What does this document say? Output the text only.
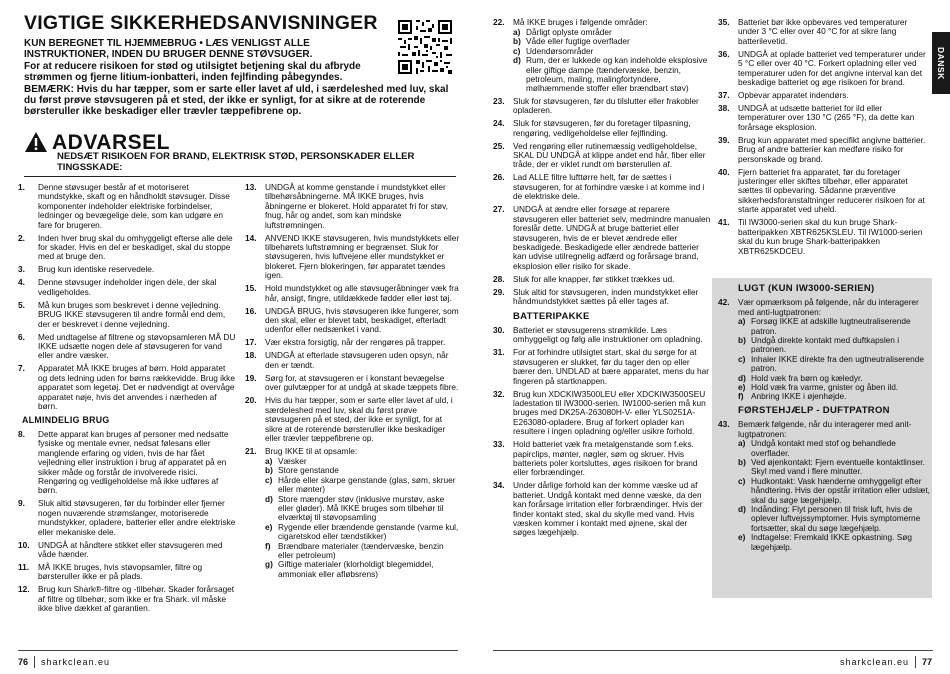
VIGTIGE SIKKERHEDSANVISNINGER

KUN BEREGNET TIL HJEMMEBRUG • LÆS VENLIGST ALLE INSTRUKTIONER, INDEN DU BRUGER DENNE STØVSUGER.

For at reducere risikoen for stød og utilsigtet betjening skal du afbryde strømmen og fjerne litium-ionbatteri, inden fejlfinding påbegyndes.

BEMÆRK: Hvis du har tæpper, som er sarte eller lavet af uld, i særdeleshed med luv, skal du først prøve støvsugeren på et sted, der ikke er synligt, for at sikre at de roterende børsteruller ikke beskadiger eller trævler tæppefibrene op.

ADVARSEL
NEDSÆT RISIKOEN FOR BRAND, ELEKTRISK STØD, PERSONSKADER ELLER TINGSSKADE:
1.	Denne støvsuger består af et motoriseret mundstykke, skaft og en håndholdt støvsuger. Disse komponenter indeholder elektriske forbindelser, ledninger og bevægelige dele, som kan udgøre en fare for brugeren.
2.	Inden hver brug skal du omhyggeligt efterse alle dele for skader. Hvis en del er beskadiget, skal du stoppe med at bruge den.
3.	Brug kun identiske reservedele.
4.	Denne støvsuger indeholder ingen dele, der skal vedligeholdes.
5.	Må kun bruges som beskrevet i denne vejledning. BRUG IKKE støvsugeren til andre formål end dem, der er beskrevet i denne vejledning.
6.	Med undtagelse af filtrene og støvopsamleren MÅ DU IKKE udsætte nogen dele af støvsugeren for vand eller andre væsker.
7.	Apparatet MÅ IKKE bruges af børn. Hold apparatet og dets ledning uden for børns rækkevidde. Brug ikke apparatet som legetøj. Det er nødvendigt at overvåge apparatet nøje, hvis det anvendes i nærheden af børn.
ALMINDELIG BRUG
8.	Dette apparat kan bruges af personer med nedsatte fysiske og mentale evner, nedsat følesans eller manglende erfaring og viden, hvis de har fået vejledning eller instruktion i brug af apparatet på en sikker måde og forstår de involverede risici. Rengøring og vedligeholdelse må ikke udføres af børn.
9.	Sluk altid støvsugeren, før du forbinder eller fjerner nogen nuværende strømslanger, motoriserede mundstykker, opladere, batterier eller andre elektriske eller mekaniske dele.
10.	UNDGÅ at håndtere stikket eller støvsugeren med våde hænder.
11.	MÅ IKKE bruges, hvis støvopsamler, filtre og børsteruller ikke er på plads.
12.	Brug kun Shark®-filtre og -tilbehør. Skader forårsaget af filtre og tilbehør, som ikke er fra Shark. vil måske ikke blive dækket af garantien.
13.	UNDGÅ at komme genstande i mundstykket eller tilbehørsåbningerne. MÅ IKKE bruges, hvis åbningerne er blokeret. Hold apparatet fri for støv, fnug, hår og andet, som kan mindske luftstrømningen.
14.	ANVEND IKKE støvsugeren, hvis mundstykkets eller tilbehørets luftstrømning er begrænset. Sluk for støvsugeren, hvis luftvejene eller mundstykket er blokeret. Fjern blokeringen, før apparatet tændes igen.
15.	Hold mundstykket og alle støvsugeråbninger væk fra hår, ansigt, fingre, utildækkede fødder eller løst tøj.
16.	UNDGÅ BRUG, hvis støvsugeren ikke fungerer, som den skal, eller er blevet tabt, beskadiget, efterladt udenfor eller nedsænket i vand.
17.	Vær ekstra forsigtig, når der rengøres på trapper.
18.	UNDGÅ at efterlade støvsugeren uden opsyn, når den er tændt.
19.	Sørg for, at støvsugeren er i konstant bevægelse over gulvtæpper for at undgå at skade tæppets fibre.
20.	Hvis du har tæpper, som er sarte eller lavet af uld, i særdeleshed med luv, skal du først prøve støvsugeren på et sted, der ikke er synligt, for at sikre at de roterende børsteruller ikke beskadiger eller trævler tæppefibrene op.
21.	Brug IKKE til at opsamle:
a) Væsker
b) Store genstande
c) Hårde eller skarpe genstande (glas, søm, skruer eller mønter)
d) Store mængder støv (inklusive murstøv, aske eller gløder). Må IKKE bruges som tilbehør til elværktøj til støvopsamling
e) Rygende eller brændende genstande (varme kul, cigaretskod eller tændstikker)
f) Brændbare materialer (tændervæske, benzin eller petroleum)
g) Giftige materialer (klorholdigt blegemiddel, ammoniak eller afløbsrens)
76 sharkclean.eu
DANSK
22.	Må IKKE bruges i følgende områder:
a) Dårligt oplyste områder
b) Våde eller fugtige overflader
c) Udendørsområder
d) Rum, der er lukkede og kan indeholde eksplosive eller giftige dampe (tændervæske, benzin, petroleum, maling, malingfortyndere, mølhæmmende stoffer eller brændbart støv)
23.	Sluk for støvsugeren, før du tilslutter eller frakobler opladeren.
24.	Sluk for støvsugeren, før du foretager tilpasning, rengøring, vedligeholdelse eller fejlfinding.
25.	Ved rengøring eller rutinemæssig vedligeholdelse, SKAL DU UNDGÅ at klippe andet end hår, fiber eller tråde, der er viklet rundt om børsterullen af.
26.	Lad ALLE filtre lufttørre helt, før de sættes i støvsugeren, for at forhindre væske i at komme ind i de elektriske dele.
27.	UNDGÅ at ændre eller forsøge at reparere støvsugeren eller batteriet selv, medmindre manualen foreslår dette. UNDGÅ at bruge batteriet eller støvsugeren, hvis de er blevet ændrede eller beskadigede. Beskadigede eller ændrede batterier kan udvise utilregnelig adfærd og forårsage brand, eksplosion eller risiko for skade.
28.	Sluk for alle knapper, før stikket trækkes ud.
29.	Sluk altid for støvsugeren, inden mundstykket eller håndmundstykket sættes på eller tages af.
BATTERIPAKKE
30.	Batteriet er støvsugerens strømkilde. Læs omhyggeligt og følg alle instruktioner om opladning.
31.	For at forhindre utilsigtet start, skal du sørge for at støvsugeren er slukket, før du tager den op eller bærer den. UNDLAD at bære apparatet, mens du har fingeren på startknappen.
32.	Brug kun XDCKIW3500LEU eller XDCKIW3500SEU ladestation til IW3000-serien. IW1000-serien må kun bruges med DK25A-263080H-V- eller YLS0251A-E263080-opladere. Brug af forkert oplader kan resultere i ingen opladning og/eller usikre forhold.
33.	Hold batteriet væk fra metalgenstande som f.eks. papirclips, mønter, nøgler, søm og skruer. Hvis batteriets poler kortsluttes, øges risikoen for brand eller forbrændinger.
34.	Under dårlige forhold kan der komme væske ud af batteriet. Undgå kontakt med denne væske, da den kan forårsage irritation eller forbrændinger. Hvis der finder kontakt sted, skal du skylle med vand. Hvis væsken kommer i kontakt med øjnene, skal der søges lægehjælp.
35.	Batteriet bør ikke opbevares ved temperaturer under 3 °C eller over 40 °C for at sikre lang batterilevetid.
36.	UNDGÅ at oplade batteriet ved temperaturer under 5 °C eller over 40 °C. Forkert opladning eller ved temperaturer uden for det angivne interval kan det beskadige batteriet og øge risikoen for brand.
37.	Opbevar apparatet indendørs.
38.	UNDGÅ at udsætte batteriet for ild eller temperaturer over 130 °C (265 °F), da dette kan forårsage eksplosion.
39.	Brug kun apparatet med specifikt angivne batterier. Brug af andre batterier kan medføre risiko for personskade og brand.
40.	Fjern batteriet fra apparatet, før du foretager justeringer eller skiftes tilbehør, eller apparatet sættes til opbevaring. Sådanne præventive sikkerhedsforanstaltninger reducerer risikoen for at starte apparatet ved uheld.
41.	Til IW3000-serien skal du kun bruge Shark-batteripakken XBTR625KSLEU. Til IW1000-serien skal du kun bruge Shark-batteripakken XBTR625KDCEU.
LUGT (KUN IW3000-SERIEN)
42.	Vær opmærksom på følgende, når du interagerer med anti-lugtpatronen:
a) Forsøg IKKE at adskille lugtneutraliserende patron.
b) Undgå direkte kontakt med duftkapslen i patronen.
c) Inhaler IKKE direkte fra den ugtneutraliserende patron.
d) Hold væk fra børn og kæledyr.
e) Hold væk fra varme, gnister og åben ild.
f) Anbring IKKE i øjenhøjde.
FØRSTEHJÆLP - DUFTPATRON
43.	Bemærk følgende, når du interagerer med anit-lugtpatronen:
a) Undgå kontakt med stof og behandlede overflader.
b) Ved øjenkontakt: Fjern eventuelle kontaktlinser. Skyl med vand i flere minutter.
c) Hudkontakt: Vask hænderne omhyggeligt efter håndtering. Hvis der opstår irritation eller udslæt, skal du søge lægehjælp.
d) Indånding: Flyt personen til frisk luft, hvis de oplever luftvejssymptomer. Hvis symptomerne fortsætter, skal du søge lægehjælp.
e) Indtagelse: Fremkald IKKE opkastning. Søg lægehjælp.
sharkclean.eu 77
